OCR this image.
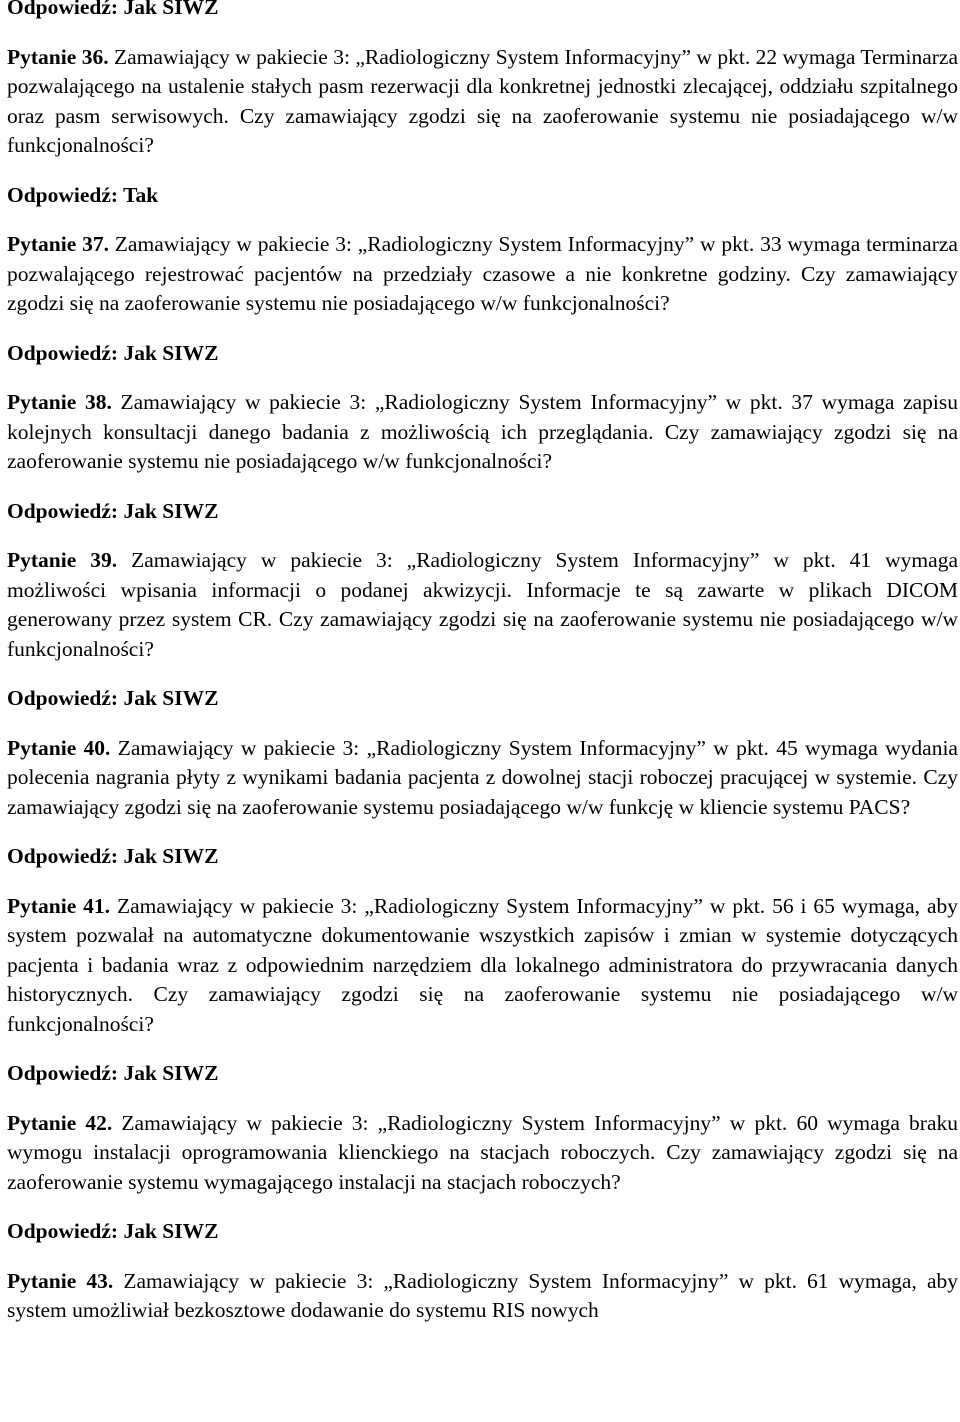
Odpowiedź: Jak SIWZ

Pytanie 36. Zamawiający w pakiecie 3: „Radiologiczny System Informacyjny” w pkt. 22 wymaga Terminarza pozwalającego na ustalenie stałych pasm rezerwacji dla konkretnej jednostki zlecającej, oddziału szpitalnego oraz pasm serwisowych. Czy zamawiający zgodzi się na zaoferowanie systemu nie posiadającego w/w funkcjonalności?

Odpowiedź: Tak

Pytanie 37. Zamawiający w pakiecie 3: „Radiologiczny System Informacyjny” w pkt. 33 wymaga terminarza pozwalającego rejestrować pacjentów na przedziały czasowe a nie konkretne godziny. Czy zamawiający zgodzi się na zaoferowanie systemu nie posiadającego w/w funkcjonalności?

Odpowiedź: Jak SIWZ

Pytanie 38. Zamawiający w pakiecie 3: „Radiologiczny System Informacyjny” w pkt. 37 wymaga zapisu kolejnych konsultacji danego badania z możliwością ich przeglądania. Czy zamawiający zgodzi się na zaoferowanie systemu nie posiadającego w/w funkcjonalności?

Odpowiedź: Jak SIWZ

Pytanie 39. Zamawiający w pakiecie 3: „Radiologiczny System Informacyjny” w pkt. 41 wymaga możliwości wpisania informacji o podanej akwizycji. Informacje te są zawarte w plikach DICOM generowany przez system CR. Czy zamawiający zgodzi się na zaoferowanie systemu nie posiadającego w/w funkcjonalności?

Odpowiedź: Jak SIWZ

Pytanie 40. Zamawiający w pakiecie 3: „Radiologiczny System Informacyjny” w pkt. 45 wymaga wydania polecenia nagrania płyty z wynikami badania pacjenta z dowolnej stacji roboczej pracującej w systemie. Czy zamawiający zgodzi się na zaoferowanie systemu posiadającego w/w funkcję w kliencie systemu PACS?

Odpowiedź: Jak SIWZ

Pytanie 41. Zamawiający w pakiecie 3: „Radiologiczny System Informacyjny” w pkt. 56 i 65 wymaga, aby system pozwalał na automatyczne dokumentowanie wszystkich zapisów i zmian w systemie dotyczących pacjenta i badania wraz z odpowiednim narzędziem dla lokalnego administratora do przywracania danych historycznych. Czy zamawiający zgodzi się na zaoferowanie systemu nie posiadającego w/w funkcjonalności?

Odpowiedź: Jak SIWZ

Pytanie 42. Zamawiający w pakiecie 3: „Radiologiczny System Informacyjny” w pkt. 60 wymaga braku wymogu instalacji oprogramowania klienckiego na stacjach roboczych. Czy zamawiający zgodzi się na zaoferowanie systemu wymagającego instalacji na stacjach roboczych?

Odpowiedź: Jak SIWZ

Pytanie 43. Zamawiający w pakiecie 3: „Radiologiczny System Informacyjny” w pkt. 61 wymaga, aby system umożliwiał bezkosztowe dodawanie do systemu RIS nowych
